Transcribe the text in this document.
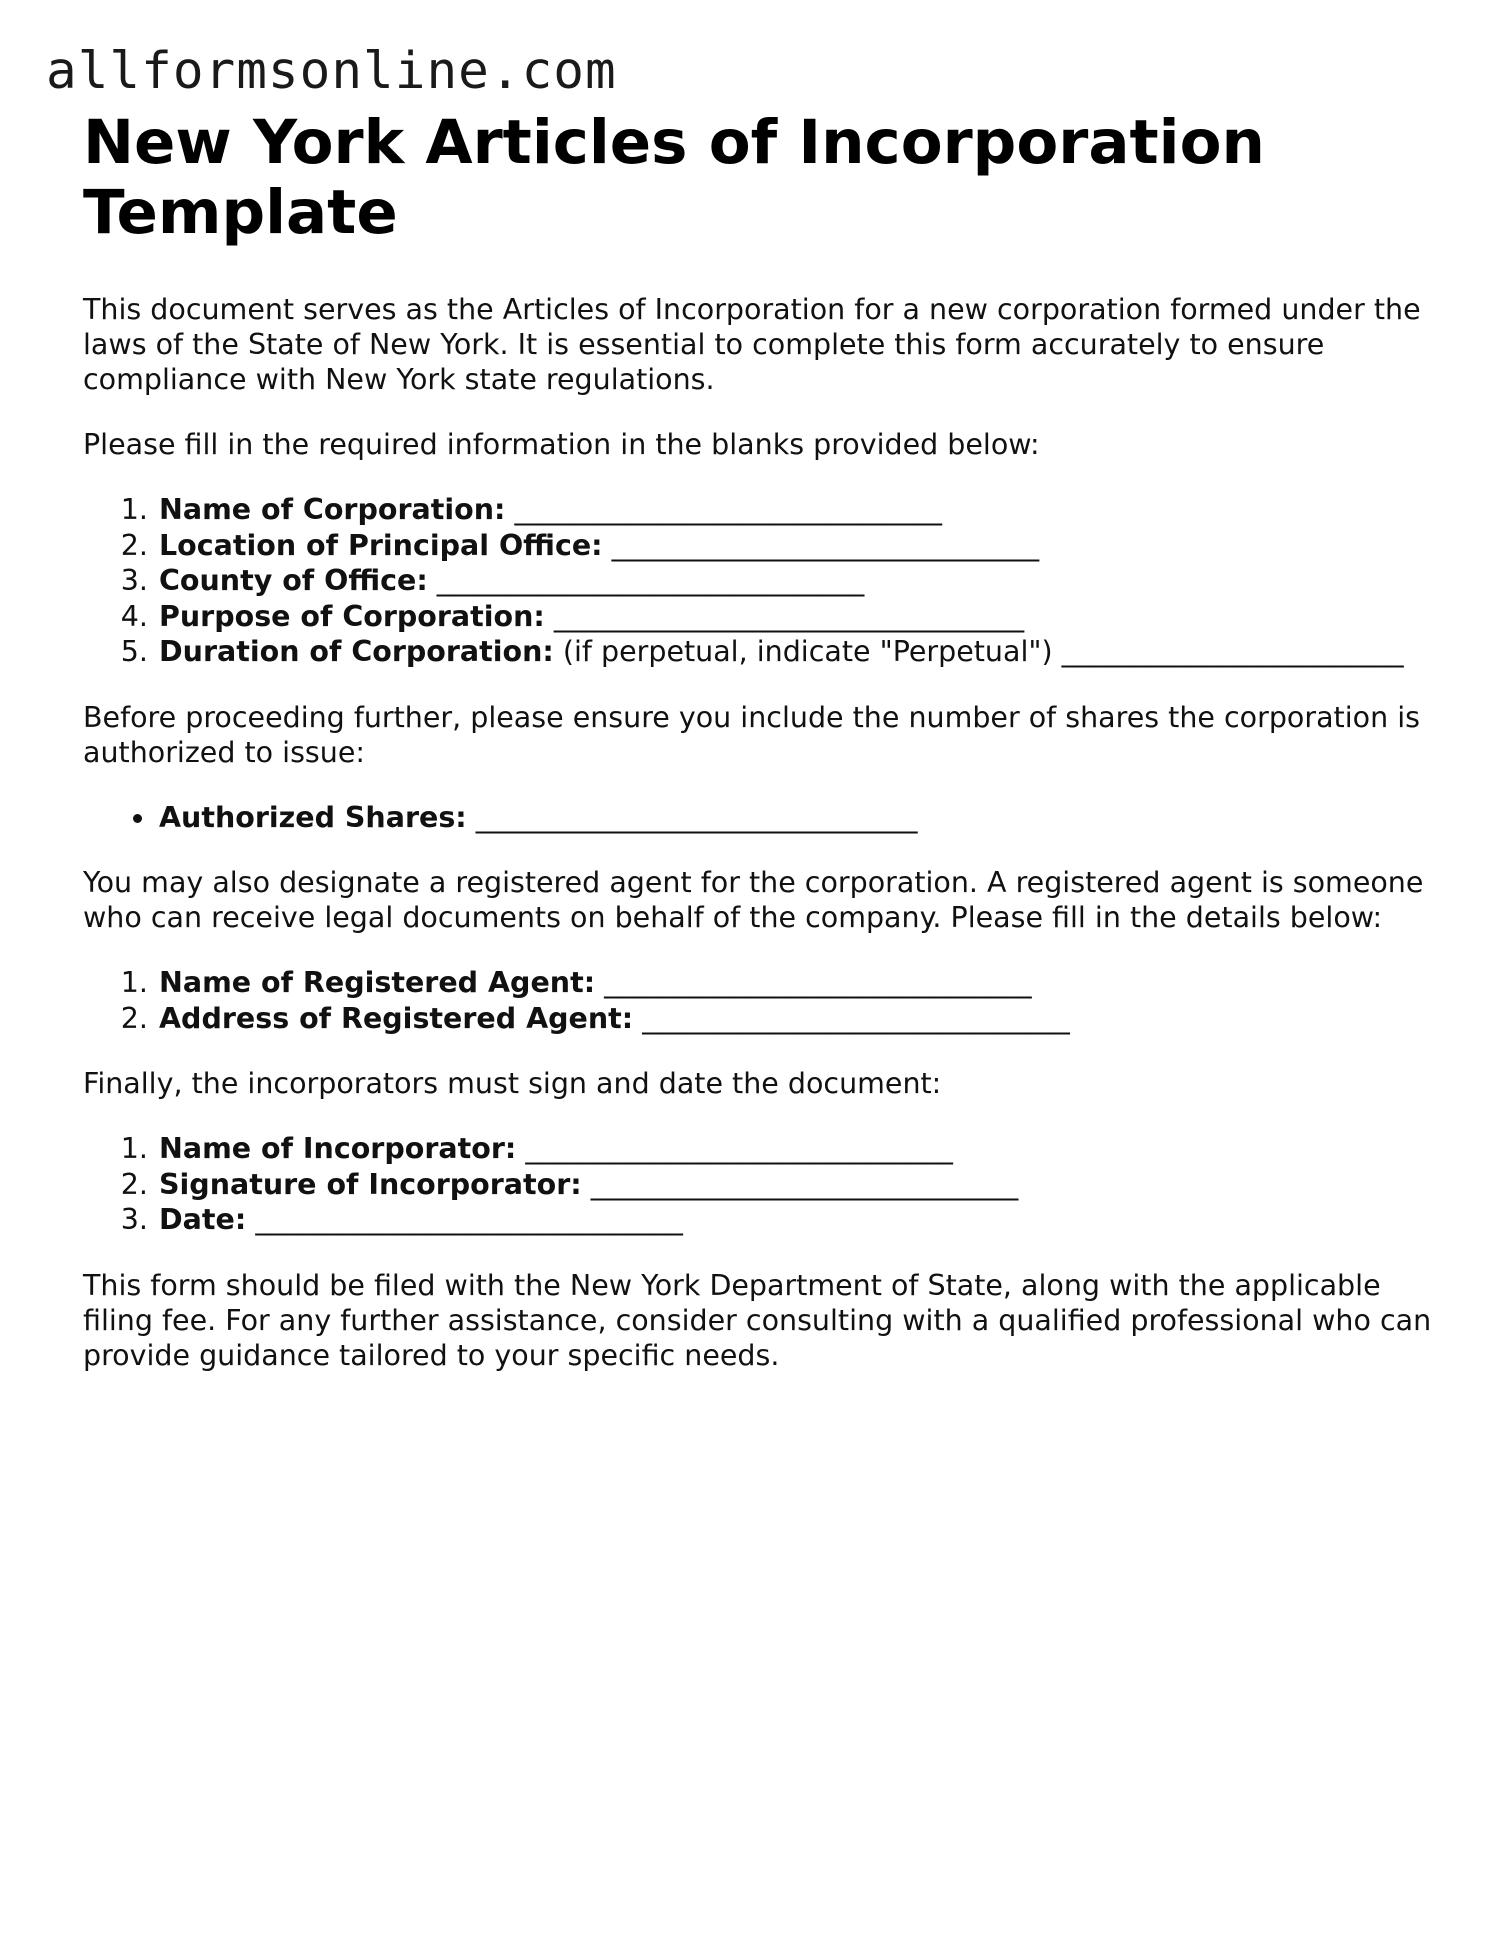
allformsonline.com
New York Articles of Incorporation Template

This document serves as the Articles of Incorporation for a new corporation formed under the laws of the State of New York. It is essential to complete this form accurately to ensure compliance with New York state regulations.

Please fill in the required information in the blanks provided below:

1. Name of Corporation: ______________________________
2. Location of Principal Office: ______________________________
3. County of Office: ______________________________
4. Purpose of Corporation: _________________________________
5. Duration of Corporation: (if perpetual, indicate "Perpetual") ________________________

Before proceeding further, please ensure you include the number of shares the corporation is authorized to issue:

• Authorized Shares: _______________________________

You may also designate a registered agent for the corporation. A registered agent is someone who can receive legal documents on behalf of the company. Please fill in the details below:

1. Name of Registered Agent: ______________________________
2. Address of Registered Agent: ______________________________

Finally, the incorporators must sign and date the document:

1. Name of Incorporator: ______________________________
2. Signature of Incorporator: ______________________________
3. Date: ______________________________

This form should be filed with the New York Department of State, along with the applicable filing fee. For any further assistance, consider consulting with a qualified professional who can provide guidance tailored to your specific needs.
